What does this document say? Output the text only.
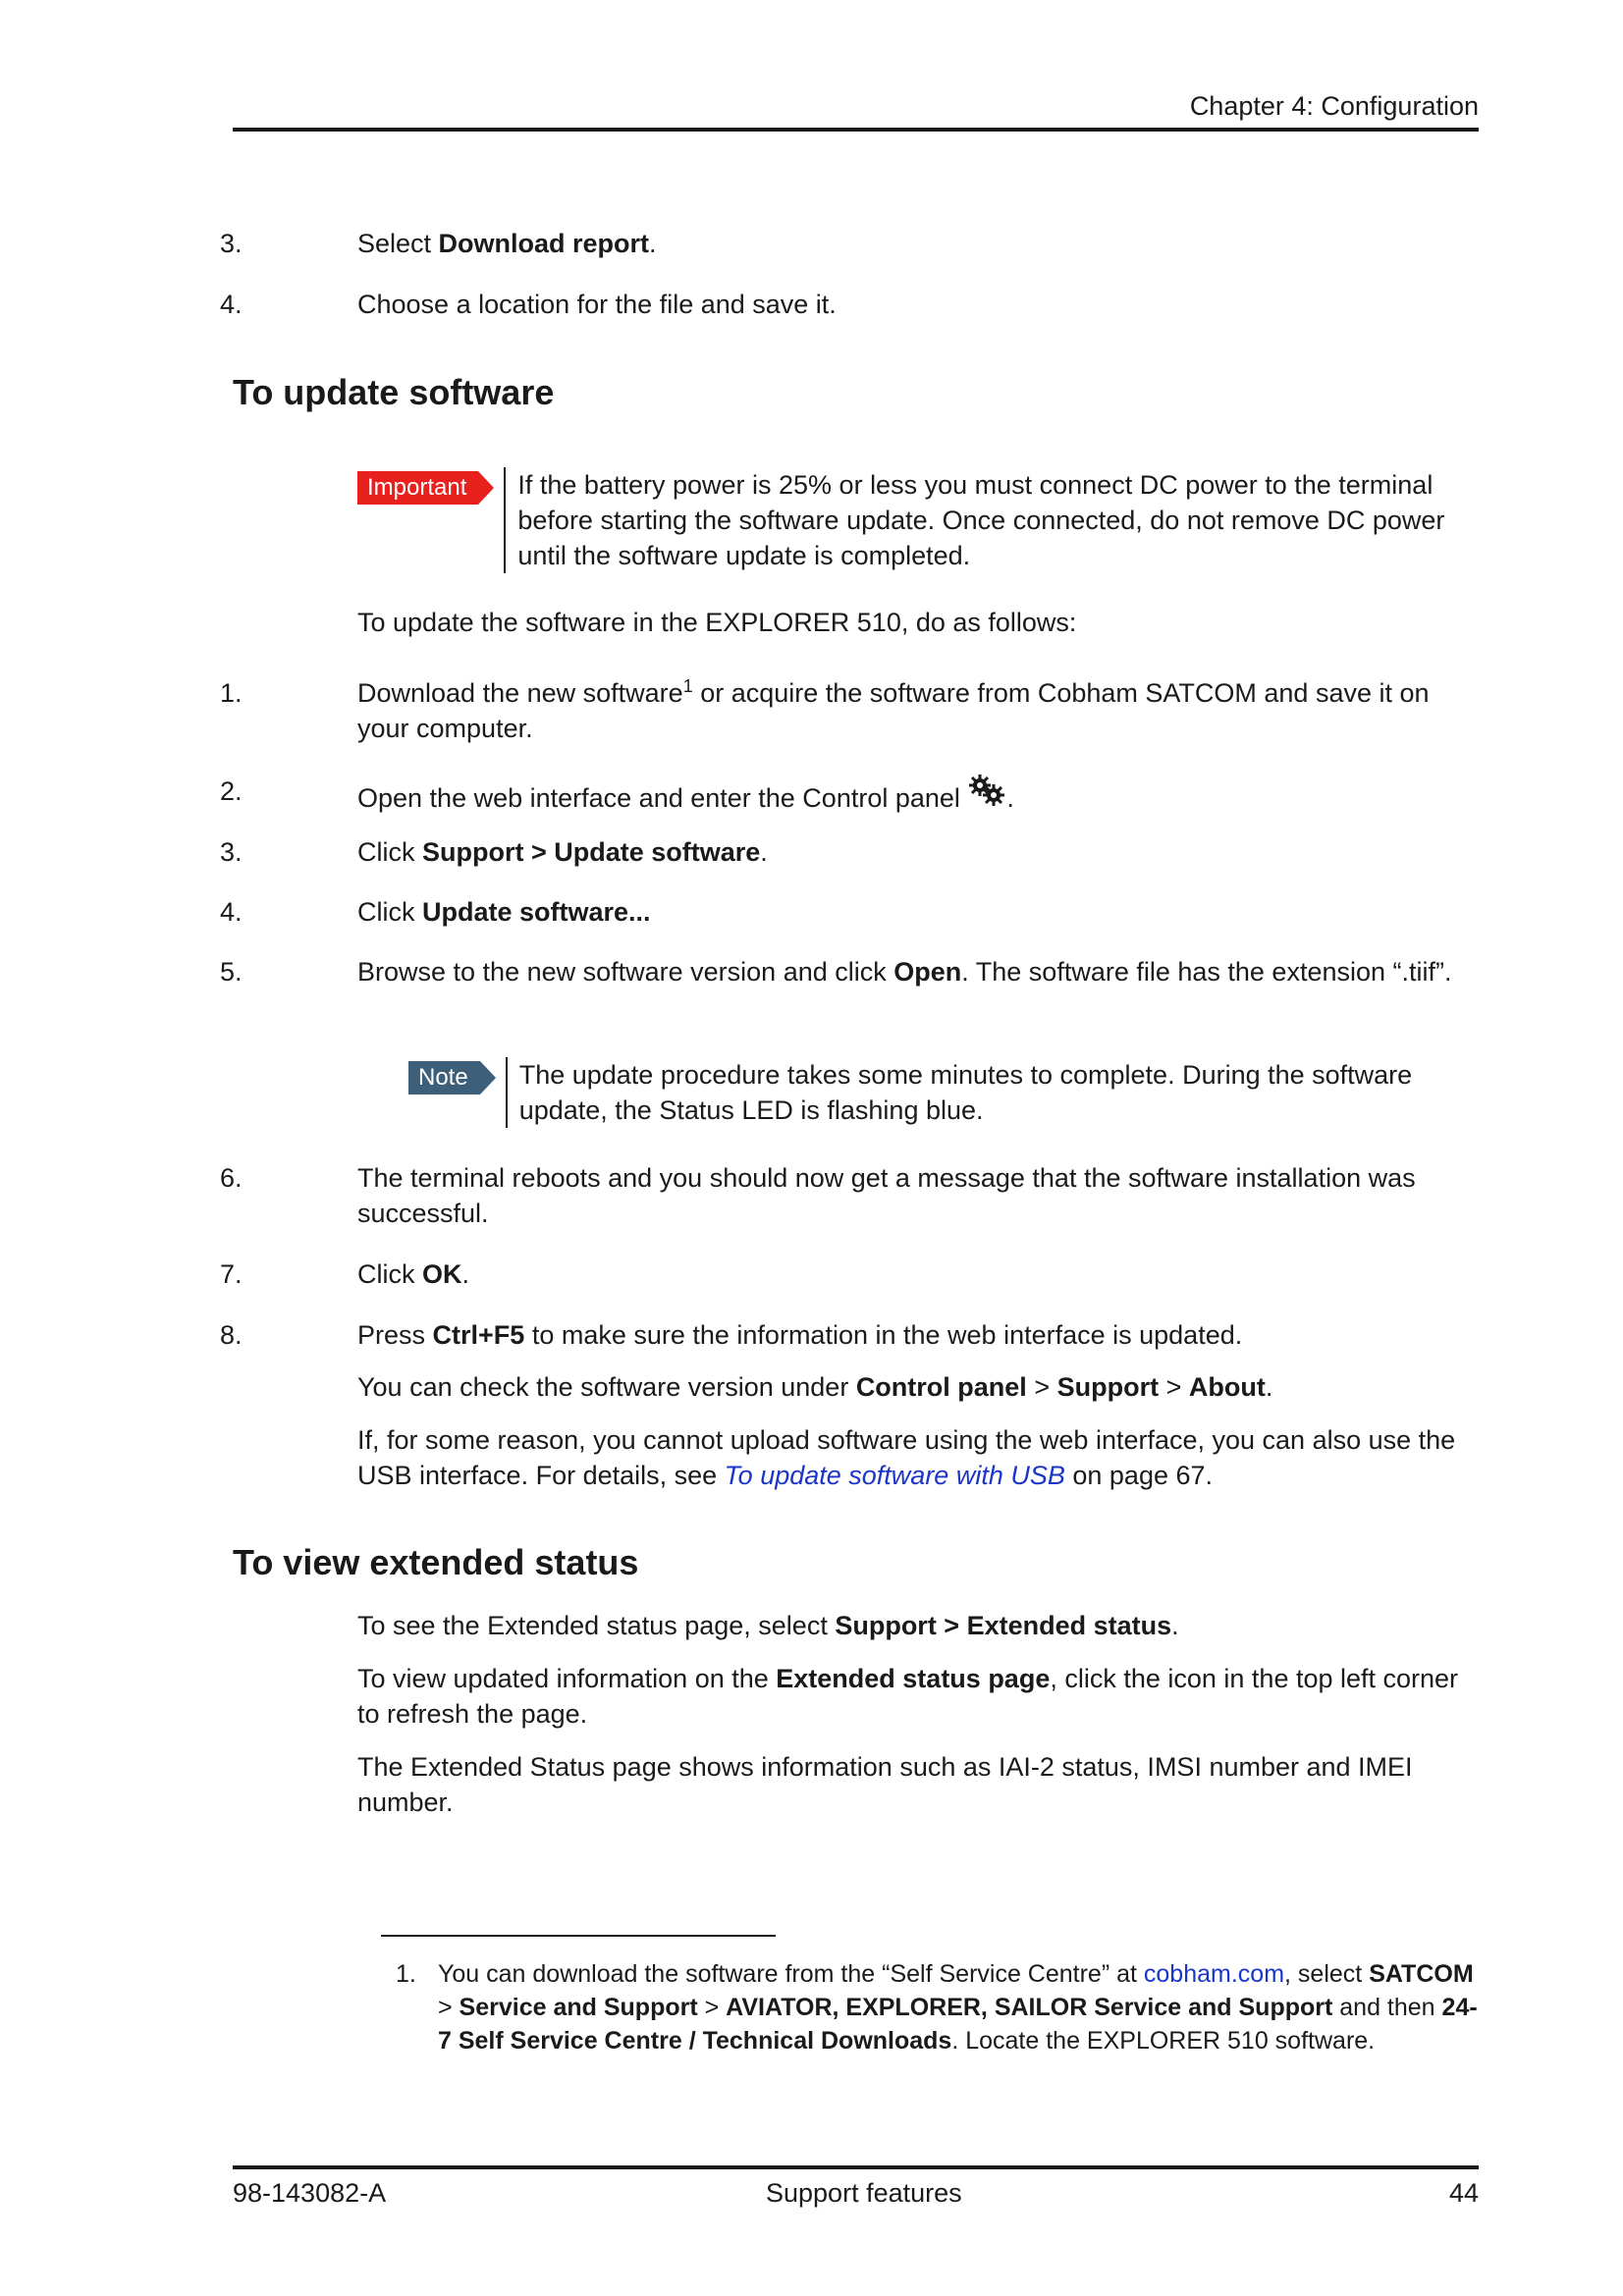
Chapter 4: Configuration
3.	Select Download report.
4.	Choose a location for the file and save it.
To update software
Important	If the battery power is 25% or less you must connect DC power to the terminal before starting the software update. Once connected, do not remove DC power until the software update is completed.
To update the software in the EXPLORER 510, do as follows:
1.	Download the new software$^1$ or acquire the software from Cobham SATCOM and save it on your computer.
2.	Open the web interface and enter the Control panel .
3.	Click Support > Update software.
4.	Click Update software...
5.	Browse to the new software version and click Open. The software file has the extension “.tiif”.
Note	The update procedure takes some minutes to complete. During the software update, the Status LED is flashing blue.
6.	The terminal reboots and you should now get a message that the software installation was successful.
7.	Click OK.
8.	Press Ctrl+F5 to make sure the information in the web interface is updated.
You can check the software version under Control panel > Support > About.
If, for some reason, you cannot upload software using the web interface, you can also use the USB interface. For details, see To update software with USB on page 67.
To view extended status
To see the Extended status page, select Support > Extended status.
To view updated information on the Extended status page, click the icon in the top left corner to refresh the page.
The Extended Status page shows information such as IAI-2 status, IMSI number and IMEI number.
1. You can download the software from the “Self Service Centre” at cobham.com, select SATCOM > Service and Support > AVIATOR, EXPLORER, SAILOR Service and Support and then 24-7 Self Service Centre / Technical Downloads. Locate the EXPLORER 510 software.
98-143082-A	Support features	44
